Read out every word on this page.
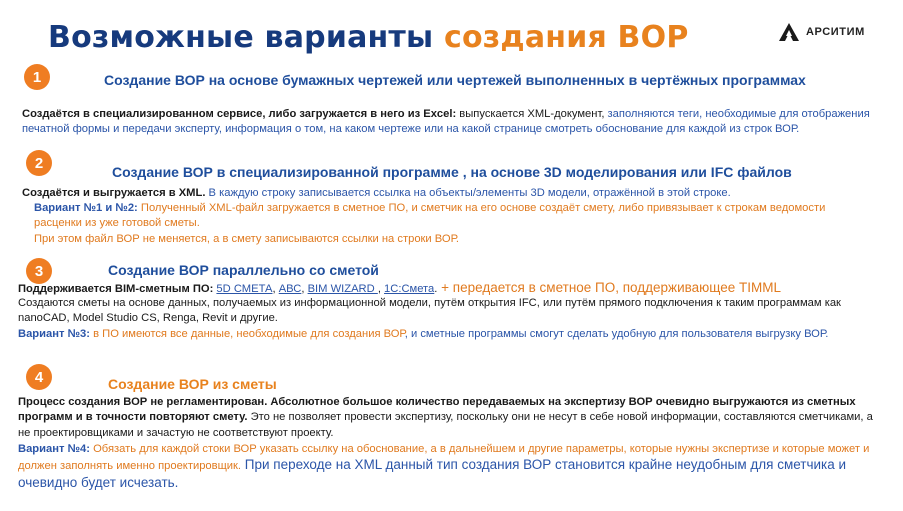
Возможные варианты создания ВОР	АРСИТИМ
1	Создание ВОР на основе бумажных чертежей или чертежей выполненных в чертёжных программах
Создаётся в специализированном сервисе, либо загружается в него из Excel: выпускается XML-документ, заполняются теги, необходимые для отображения печатной формы и передачи эксперту, информация о том, на каком чертеже или на какой странице смотреть обоснование для каждой из строк ВОР.
2
Создание ВОР в специализированной программе , на основе 3D моделирования или IFC файлов
Создаётся и выгружается в XML. В каждую строку записывается ссылка на объекты/элементы 3D модели, отражённой в этой строке.
Вариант №1 и №2: Полученный XML-файл загружается в сметное ПО, и сметчик на его основе создаёт смету, либо привязывает к строкам ведомости расценки из уже готовой сметы.
При этом файл ВОР не меняется, а в смету записываются ссылки на строки ВОР.
3	Создание ВОР параллельно со сметой
Поддерживается BIM-сметным ПО: 5D СМЕТА, АВС, BIM WIZARD , 1С:Смета. + передается в сметное ПО, поддерживающее TIMML
Создаются сметы на основе данных, получаемых из информационной модели, путём открытия IFC, или путём прямого подключения к таким программам как nanoCAD, Model Studio CS, Renga, Revit и другие.
Вариант №3: в ПО имеются все данные, необходимые для создания ВОР, и сметные программы смогут сделать удобную для пользователя выгрузку ВОР.
4	Создание ВОР из сметы
Процесс создания ВОР не регламентирован. Абсолютное большое количество передаваемых на экспертизу ВОР очевидно выгружаются из сметных программ и в точности повторяют смету. Это не позволяет провести экспертизу, поскольку они не несут в себе новой информации, составляются сметчиками, а не проектировщиками и зачастую не соответствуют проекту.
Вариант №4: Обязать для каждой стоки ВОР указать ссылку на обоснование, а в дальнейшем и другие параметры, которые нужны экспертизе и которые может и должен заполнять именно проектировщик. При переходе на XML данный тип создания ВОР становится крайне неудобным для сметчика и очевидно будет исчезать.
